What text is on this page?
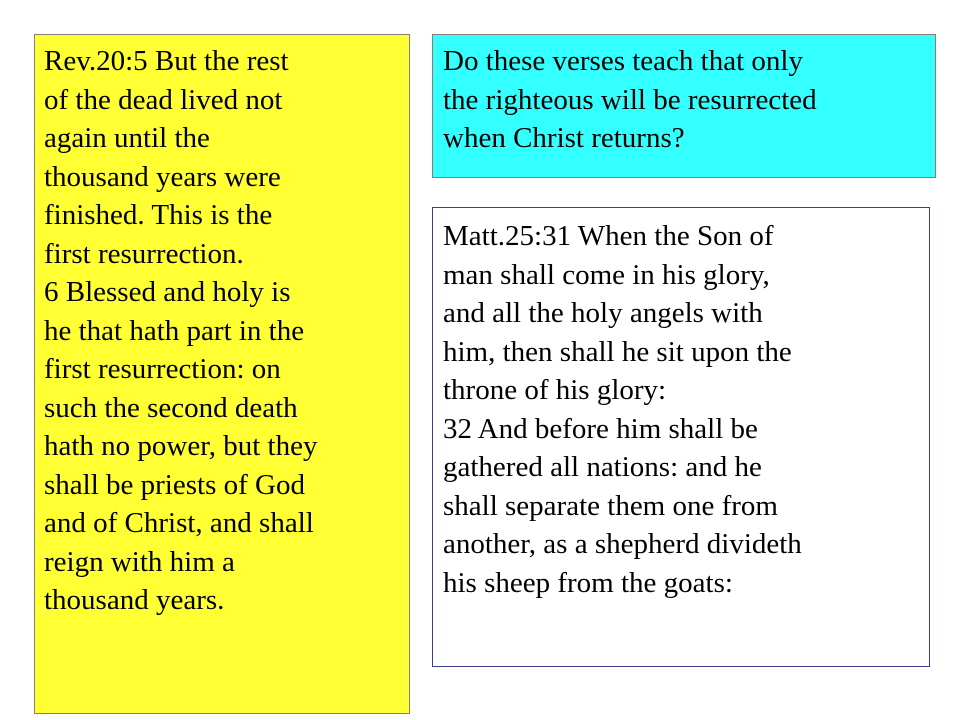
Rev.20:5 But the rest
of the dead lived not
again until the
thousand years were
finished. This is the
first resurrection.

6 Blessed and holy is
he that hath part in the
first resurrection: on
such the second death
hath no power, but they
shall be priests of God
and of Christ, and shall
reign with him a
thousand years.

Do these verses teach that only
the righteous will be resurrected
when Christ returns?

Matt.25:31 When the Son of
man shall come in his glory,
and all the holy angels with
him, then shall he sit upon the
throne of his glory:

32 And before him shall be
gathered all nations: and he
shall separate them one from
another, as a shepherd divideth
his sheep from the goats:
